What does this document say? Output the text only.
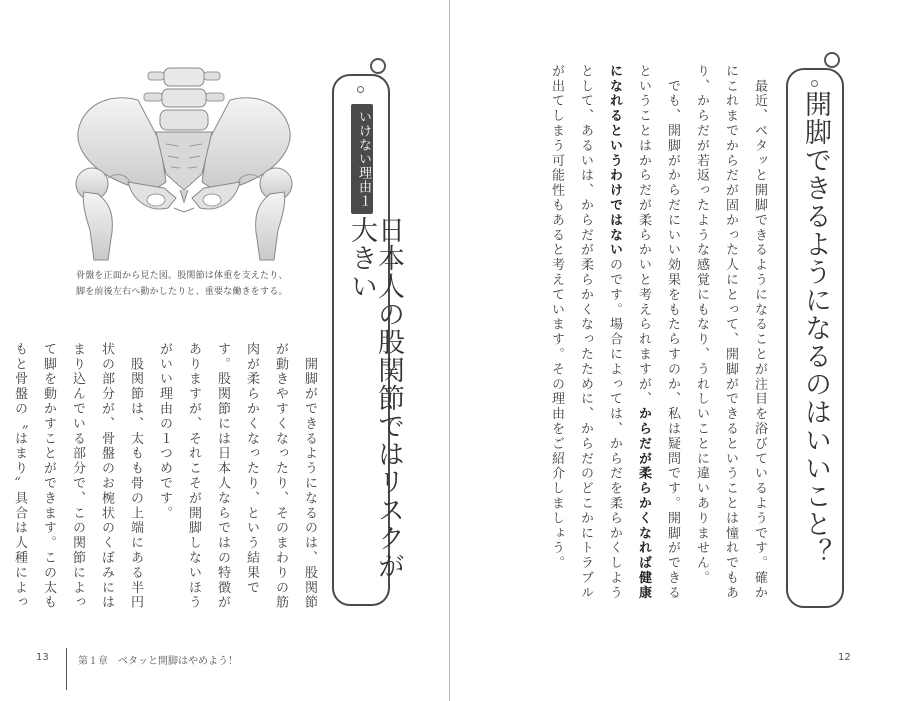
骨盤を正面から見た図。股関節は体重を支えたり、
脚を前後左右へ動かしたりと、重要な働きをする。
いけない理由１
日本人の股関節ではリスクが大きい

　開脚ができるようになるのは、股関節が動きやすくなったり、そのまわりの筋肉が柔らかくなったり、という結果です。股関節には日本人ならではの特徴がありますが、それこそが開脚しないほうがいい理由の１つめです。

　股関節は、太もも骨の上端にある半円状の部分が、骨盤のお椀状のくぼみにはまり込んでいる部分で、この関節によって脚を動かすことができます。この太ももと骨盤の〝はまり〟具合は人種によっ

13	第１章　ベタッと開脚はやめよう！
開脚できるようになるのはいいこと？

　最近、ベタッと開脚できるようになることが注目を浴びているようです。確かにこれまでからだが固かった人にとって、開脚ができるということは憧れでもあり、からだが若返ったような感覚にもなり、うれしいことに違いありません。

　でも、開脚がからだにいい効果をもたらすのか、私は疑問です。開脚ができるということはからだが柔らかいと考えられますが、からだが柔らかくなれば健康になれるというわけではないのです。場合によっては、からだを柔らかくしようとして、あるいは、からだが柔らかくなったために、からだのどこかにトラブルが出てしまう可能性もあると考えています。その理由をご紹介しましょう。

12
